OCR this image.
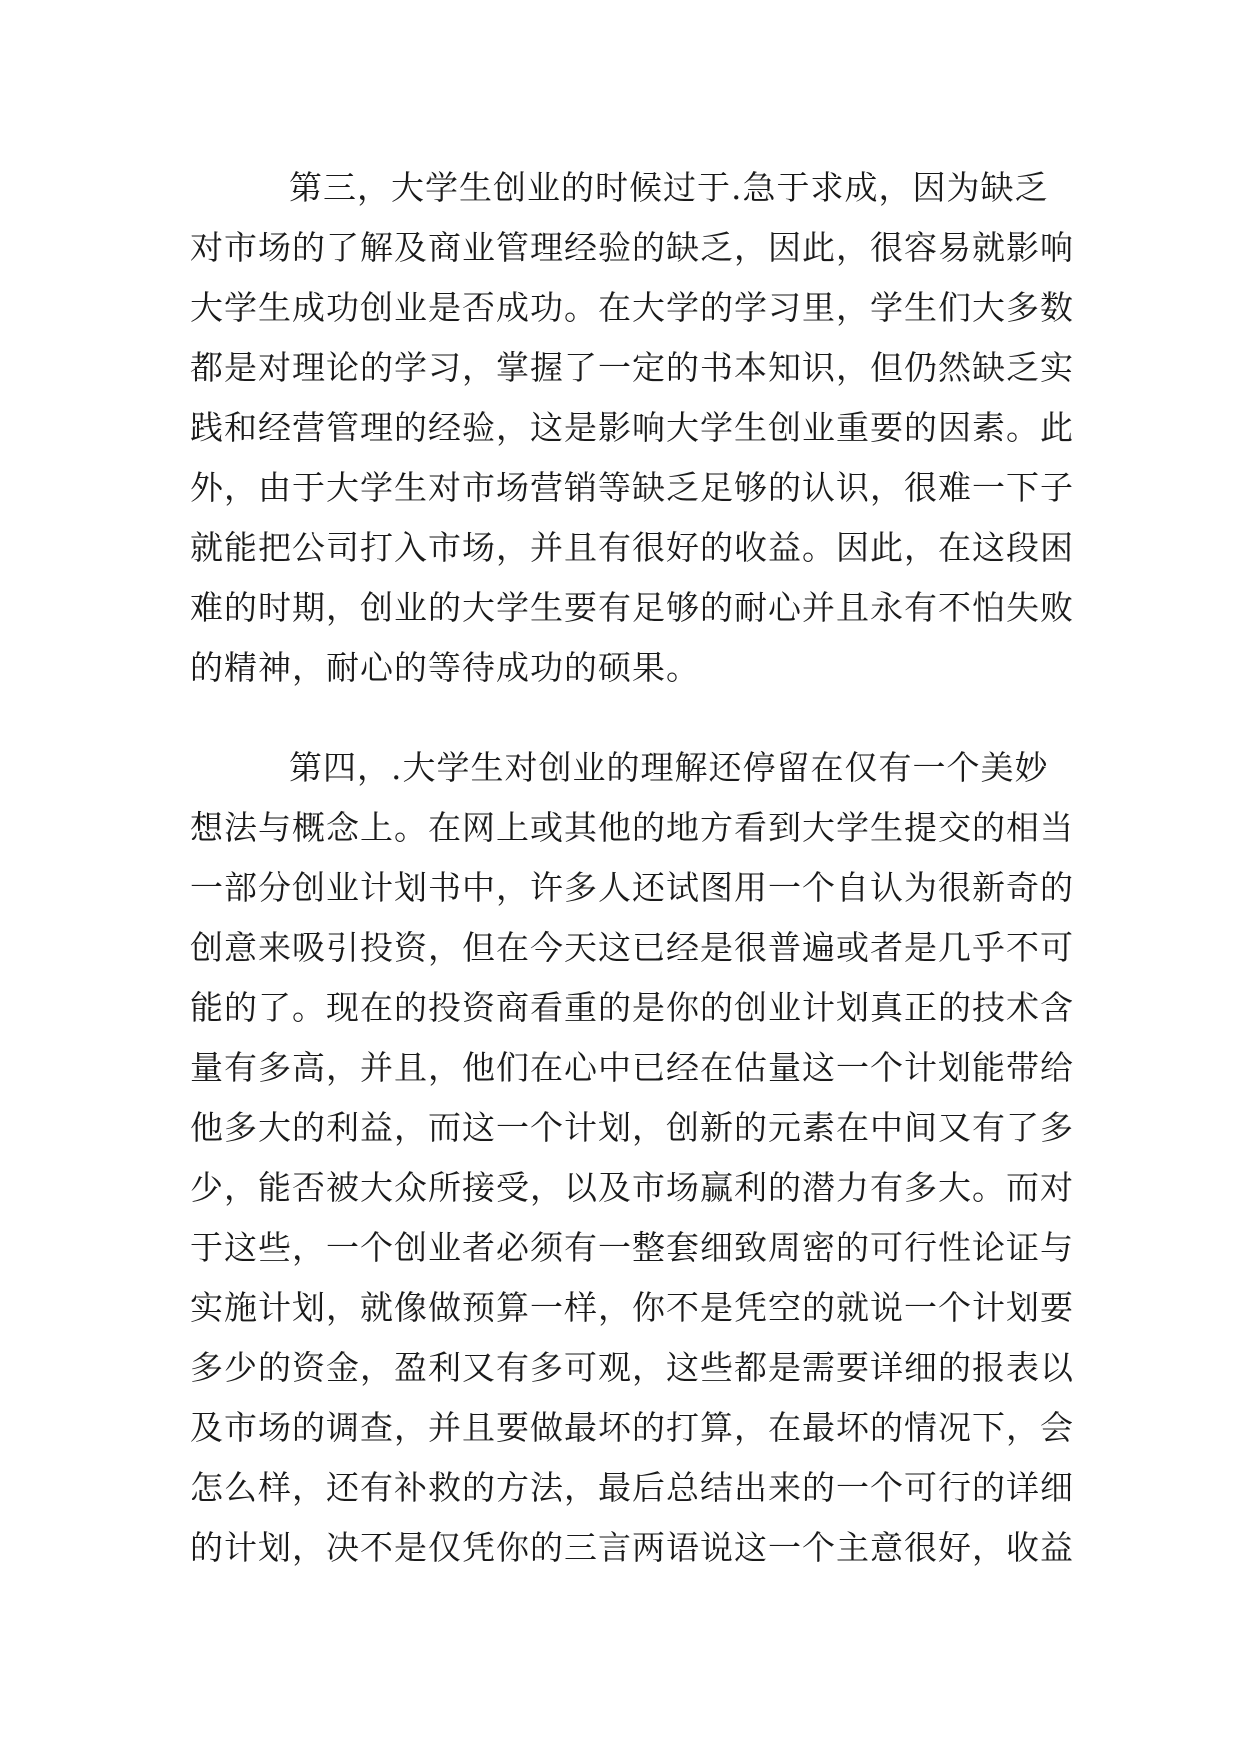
第三，大学生创业的时候过于.急于求成，因为缺乏
对市场的了解及商业管理经验的缺乏，因此，很容易就影响
大学生成功创业是否成功。在大学的学习里，学生们大多数
都是对理论的学习，掌握了一定的书本知识，但仍然缺乏实
践和经营管理的经验，这是影响大学生创业重要的因素。此
外，由于大学生对市场营销等缺乏足够的认识，很难一下子
就能把公司打入市场，并且有很好的收益。因此，在这段困
难的时期，创业的大学生要有足够的耐心并且永有不怕失败
的精神，耐心的等待成功的硕果。
第四，.大学生对创业的理解还停留在仅有一个美妙
想法与概念上。在网上或其他的地方看到大学生提交的相当
一部分创业计划书中，许多人还试图用一个自认为很新奇的
创意来吸引投资，但在今天这已经是很普遍或者是几乎不可
能的了。现在的投资商看重的是你的创业计划真正的技术含
量有多高，并且，他们在心中已经在估量这一个计划能带给
他多大的利益，而这一个计划，创新的元素在中间又有了多
少，能否被大众所接受，以及市场赢利的潜力有多大。而对
于这些，一个创业者必须有一整套细致周密的可行性论证与
实施计划，就像做预算一样，你不是凭空的就说一个计划要
多少的资金，盈利又有多可观，这些都是需要详细的报表以
及市场的调查，并且要做最坏的打算，在最坏的情况下，会
怎么样，还有补救的方法，最后总结出来的一个可行的详细
的计划，决不是仅凭你的三言两语说这一个主意很好，收益
